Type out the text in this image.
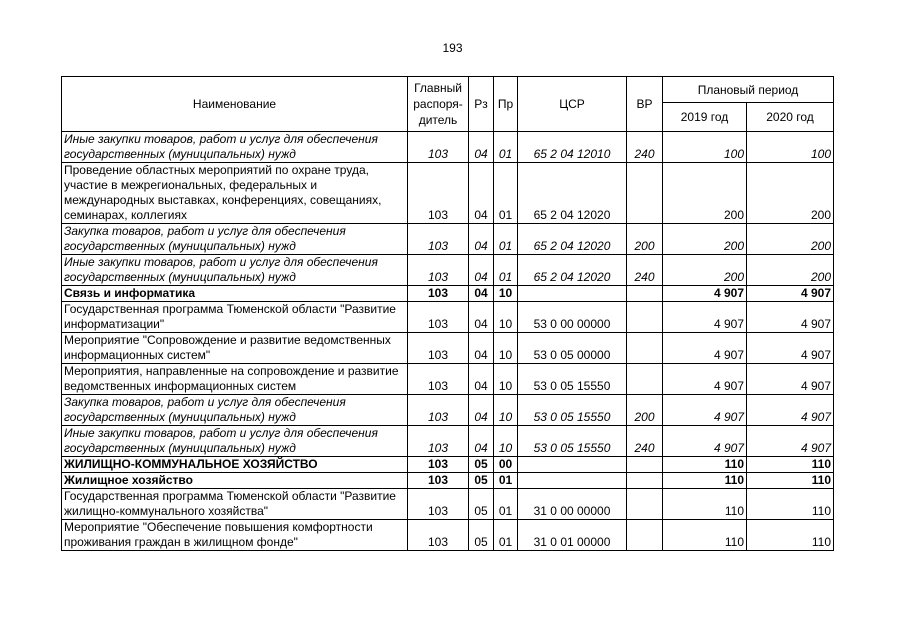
193
Наименование	Главный распоря-дитель	Рз	Пр	ЦСР	ВР	Плановый период	
						2019 год	2020 год
Иные закупки товаров, работ и услуг для обеспечения государственных (муниципальных) нужд	103	04	01	65 2 04 12010	240	100	100
Проведение областных мероприятий по охране труда, участие в межрегиональных, федеральных и международных выставках, конференциях, совещаниях, семинарах, коллегиях	103	04	01	65 2 04 12020		200	200
Закупка товаров, работ и услуг для обеспечения государственных (муниципальных) нужд	103	04	01	65 2 04 12020	200	200	200
Иные закупки товаров, работ и услуг для обеспечения государственных (муниципальных) нужд	103	04	01	65 2 04 12020	240	200	200
Связь и информатика	103	04	10			4 907	4 907
Государственная программа Тюменской области "Развитие информатизации"	103	04	10	53 0 00 00000		4 907	4 907
Мероприятие "Сопровождение и развитие ведомственных информационных систем"	103	04	10	53 0 05 00000		4 907	4 907
Мероприятия, направленные на сопровождение и развитие ведомственных информационных систем	103	04	10	53 0 05 15550		4 907	4 907
Закупка товаров, работ и услуг для обеспечения государственных (муниципальных) нужд	103	04	10	53 0 05 15550	200	4 907	4 907
Иные закупки товаров, работ и услуг для обеспечения государственных (муниципальных) нужд	103	04	10	53 0 05 15550	240	4 907	4 907
ЖИЛИЩНО-КОММУНАЛЬНОЕ ХОЗЯЙСТВО	103	05	00			110	110
Жилищное хозяйство	103	05	01			110	110
Государственная программа Тюменской области "Развитие жилищно-коммунального хозяйства"	103	05	01	31 0 00 00000		110	110
Мероприятие "Обеспечение повышения комфортности проживания граждан в жилищном фонде"	103	05	01	31 0 01 00000		110	110
